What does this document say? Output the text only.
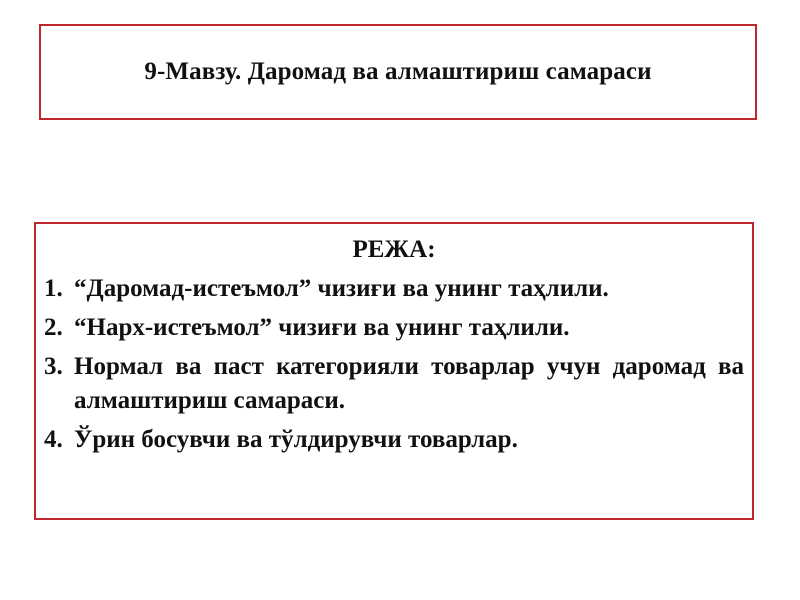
9-Мавзу. Даромад ва алмаштириш самараси
РЕЖА:
1. “Даромад-истеъмол” чизиғи ва унинг таҳлили.
2. “Нарх-истеъмол” чизиғи ва унинг таҳлили.
3. Нормал ва паст категорияли товарлар учун даромад ва алмаштириш самараси.
4. Ўрин босувчи ва тўлдирувчи товарлар.
